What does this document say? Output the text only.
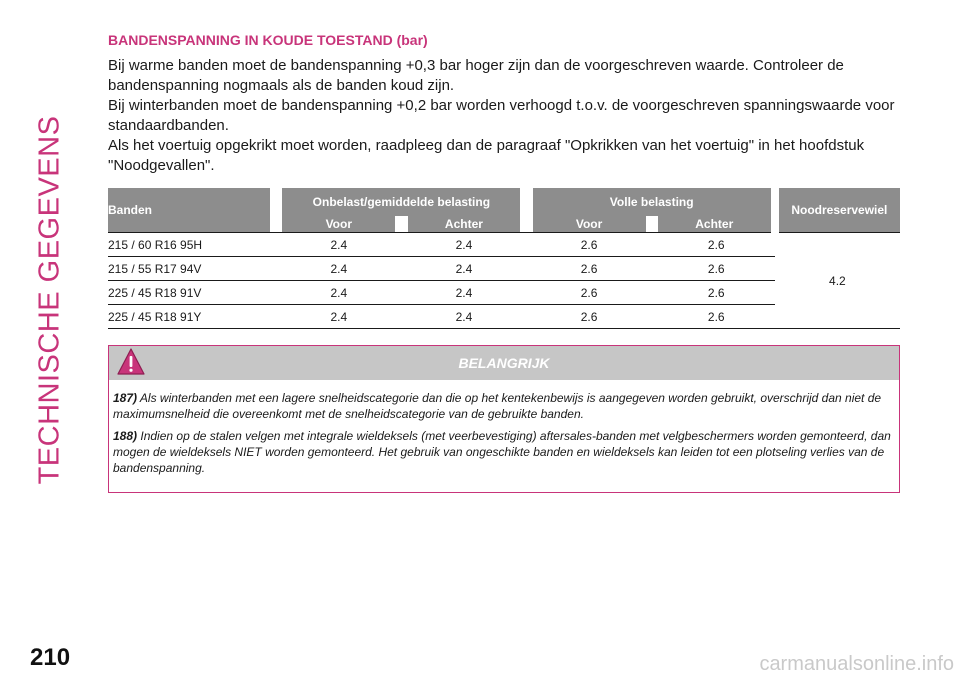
TECHNISCHE GEGEVENS
BANDENSPANNING IN KOUDE TOESTAND (bar)

Bij warme banden moet de bandenspanning +0,3 bar hoger zijn dan de voorgeschreven waarde. Controleer de bandenspanning nogmaals als de banden koud zijn.

Bij winterbanden moet de bandenspanning +0,2 bar worden verhoogd t.o.v. de voorgeschreven spanningswaarde voor standaardbanden.

Als het voertuig opgekrikt moet worden, raadpleeg dan de paragraaf "Opkrikken van het voertuig" in het hoofdstuk "Noodgevallen".

Banden		Onbelast/gemiddelde belasting				Volle belasting			Noodreservewiel
		Voor		Achter		Voor		Achter	
215 / 60 R16 95H		2.4		2.4		2.6		2.6	4.2
215 / 55 R17 94V		2.4		2.4		2.6		2.6	
225 / 45 R18 91V		2.4		2.4		2.6		2.6	
225 / 45 R18 91Y		2.4		2.4		2.6		2.6	
BELANGRIJK

187) Als winterbanden met een lagere snelheidscategorie dan die op het kentekenbewijs is aangegeven worden gebruikt, overschrijd dan niet de maximumsnelheid die overeenkomt met de snelheidscategorie van de gebruikte banden.

188) Indien op de stalen velgen met integrale wieldeksels (met veerbevestiging) aftersales-banden met velgbeschermers worden gemonteerd, dan mogen de wieldeksels NIET worden gemonteerd. Het gebruik van ongeschikte banden en wieldeksels kan leiden tot een plotseling verlies van de bandenspanning.

210	carmanualsonline.info
